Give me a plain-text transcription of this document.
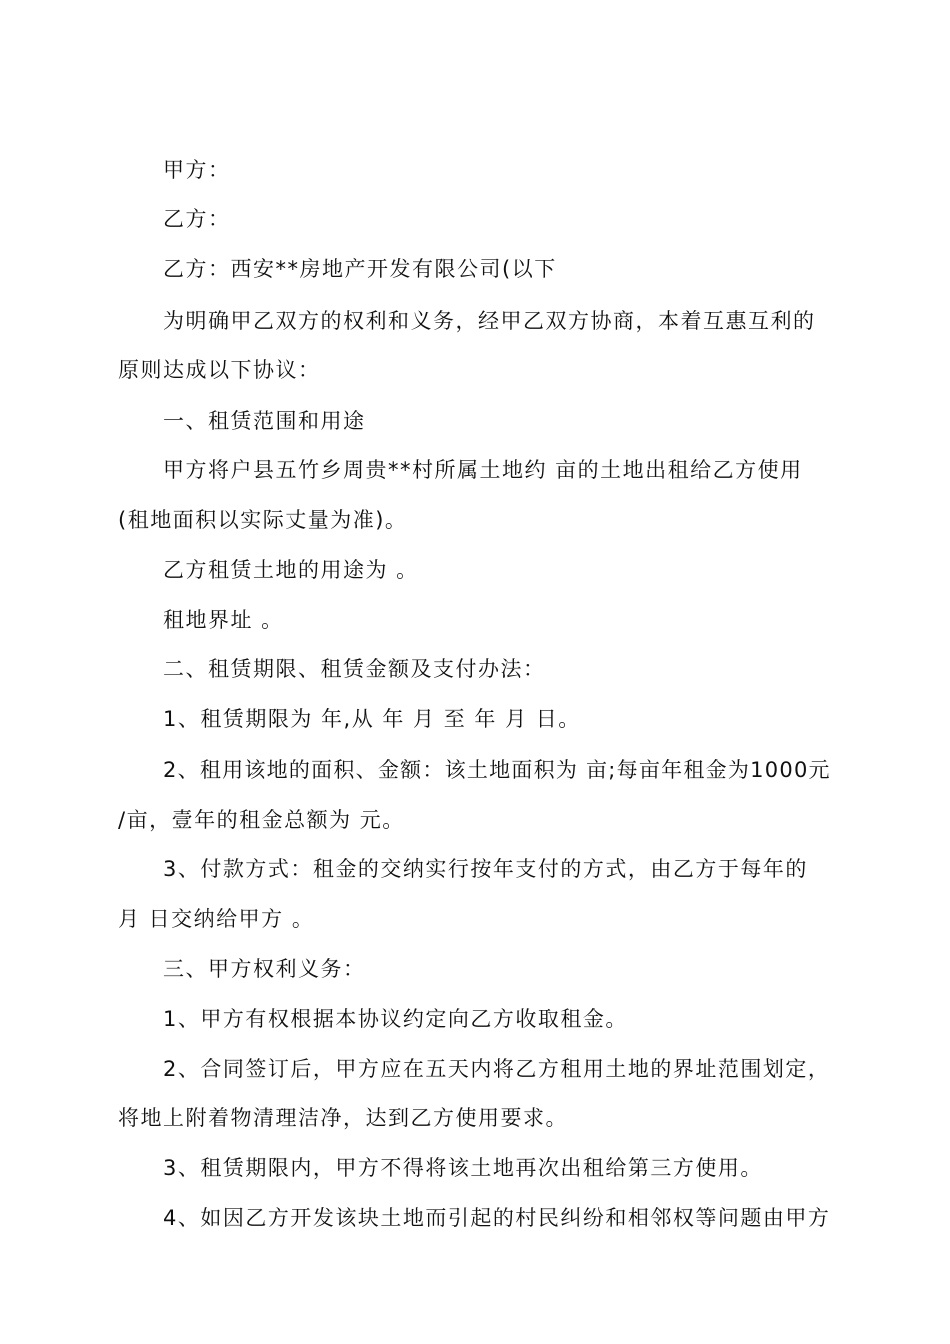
甲方：
乙方：
乙方：西安**房地产开发有限公司(以下
为明确甲乙双方的权利和义务，经甲乙双方协商，本着互惠互利的
原则达成以下协议：
一、租赁范围和用途
甲方将户县五竹乡周贵**村所属土地约 亩的土地出租给乙方使用
(租地面积以实际丈量为准)。
乙方租赁土地的用途为 。
租地界址 。
二、租赁期限、租赁金额及支付办法：
1、租赁期限为 年,从 年 月 至 年 月 日。
2、租用该地的面积、金额：该土地面积为 亩;每亩年租金为1000元
/亩，壹年的租金总额为 元。
3、付款方式：租金的交纳实行按年支付的方式，由乙方于每年的
月 日交纳给甲方 。
三、甲方权利义务：
1、甲方有权根据本协议约定向乙方收取租金。
2、合同签订后，甲方应在五天内将乙方租用土地的界址范围划定，
将地上附着物清理洁净，达到乙方使用要求。
3、租赁期限内，甲方不得将该土地再次出租给第三方使用。
4、如因乙方开发该块土地而引起的村民纠纷和相邻权等问题由甲方
